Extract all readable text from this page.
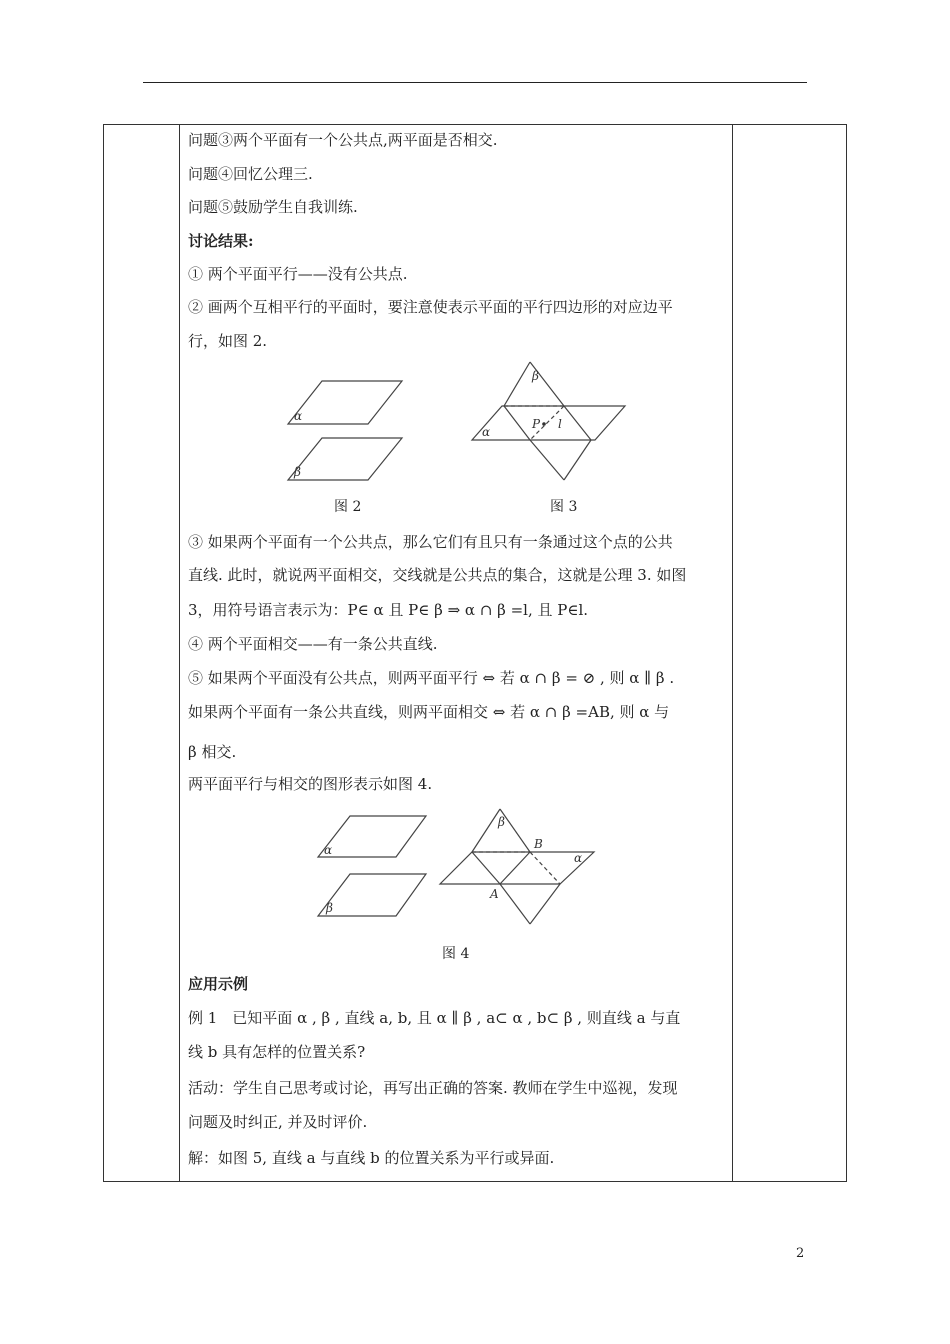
问题③两个平面有一个公共点,两平面是否相交.
问题④回忆公理三.
问题⑤鼓励学生自我训练.
讨论结果:
① 两个平面平行——没有公共点.
② 画两个互相平行的平面时，要注意使表示平面的平行四边形的对应边平
行，如图 2.
③ 如果两个平面有一个公共点，那么它们有且只有一条通过这个点的公共
直线. 此时，就说两平面相交，交线就是公共点的集合，这就是公理 3. 如图
3，用符号语言表示为：P∈ α 且 P∈ β ⇒ α ∩ β =l, 且 P∈l.
④ 两个平面相交——有一条公共直线.
⑤ 如果两个平面没有公共点，则两平面平行 ⇔ 若 α ∩ β = ⊘ , 则 α ∥ β .
如果两个平面有一条公共直线，则两平面相交 ⇔ 若 α ∩ β =AB, 则 α 与
β 相交.
两平面平行与相交的图形表示如图 4.
应用示例
例 1　已知平面 α , β , 直线 a, b, 且 α ∥ β , a⊂ α , b⊂ β , 则直线 a 与直
线 b 具有怎样的位置关系?
活动：学生自己思考或讨论，再写出正确的答案. 教师在学生中巡视，发现
问题及时纠正, 并及时评价.
解：如图 5, 直线 a 与直线 b 的位置关系为平行或异面.
α
β
图 2
β
α
P l
图 3
α
β
β
B
α
A
图 4
2
